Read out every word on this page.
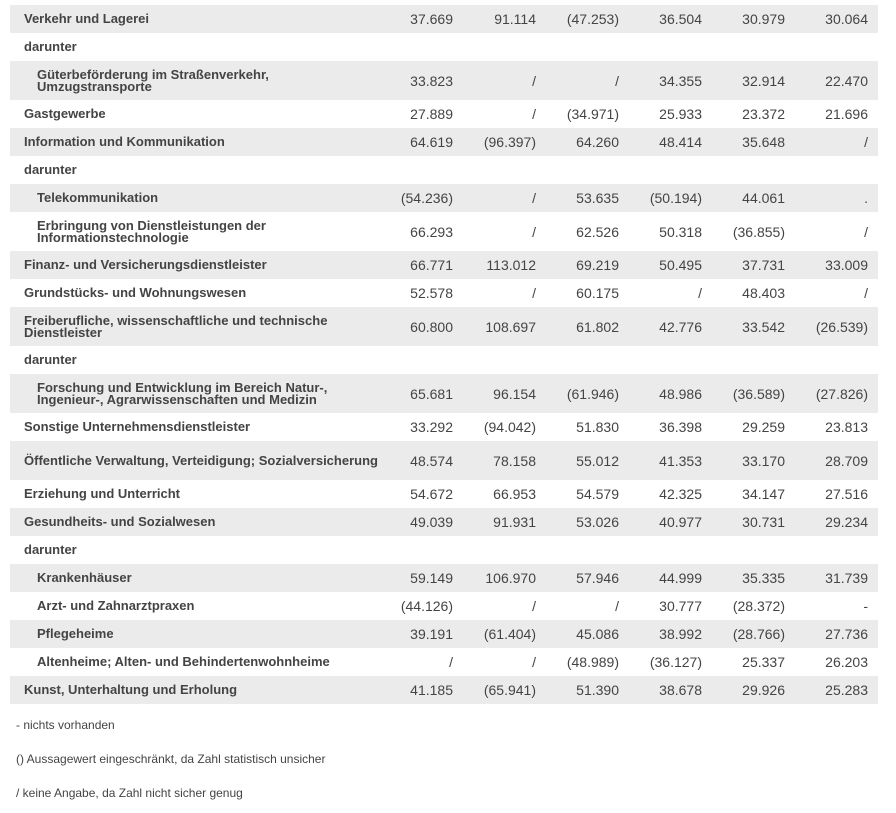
Verkehr und Lagerei	37.669	91.114	(47.253)	36.504	30.979	30.064
darunter						
Güterbeförderung im Straßenverkehr, Umzugstransporte	33.823	/	/	34.355	32.914	22.470
Gastgewerbe	27.889	/	(34.971)	25.933	23.372	21.696
Information und Kommunikation	64.619	(96.397)	64.260	48.414	35.648	/
darunter						
Telekommunikation	(54.236)	/	53.635	(50.194)	44.061	.
Erbringung von Dienstleistungen der Informationstechnologie	66.293	/	62.526	50.318	(36.855)	/
Finanz- und Versicherungsdienstleister	66.771	113.012	69.219	50.495	37.731	33.009
Grundstücks- und Wohnungswesen	52.578	/	60.175	/	48.403	/
Freiberufliche, wissenschaftliche und technische Dienstleister	60.800	108.697	61.802	42.776	33.542	(26.539)
darunter						
Forschung und Entwicklung im Bereich Natur-, Ingenieur-, Agrarwissenschaften und Medizin	65.681	96.154	(61.946)	48.986	(36.589)	(27.826)
Sonstige Unternehmensdienstleister	33.292	(94.042)	51.830	36.398	29.259	23.813
Öffentliche Verwaltung, Verteidigung; Sozialversicherung	48.574	78.158	55.012	41.353	33.170	28.709
Erziehung und Unterricht	54.672	66.953	54.579	42.325	34.147	27.516
Gesundheits- und Sozialwesen	49.039	91.931	53.026	40.977	30.731	29.234
darunter						
Krankenhäuser	59.149	106.970	57.946	44.999	35.335	31.739
Arzt- und Zahnarztpraxen	(44.126)	/	/	30.777	(28.372)	-
Pflegeheime	39.191	(61.404)	45.086	38.992	(28.766)	27.736
Altenheime; Alten- und Behindertenwohnheime	/	/	(48.989)	(36.127)	25.337	26.203
Kunst, Unterhaltung und Erholung	41.185	(65.941)	51.390	38.678	29.926	25.283
- nichts vorhanden
() Aussagewert eingeschränkt, da Zahl statistisch unsicher
/ keine Angabe, da Zahl nicht sicher genug
